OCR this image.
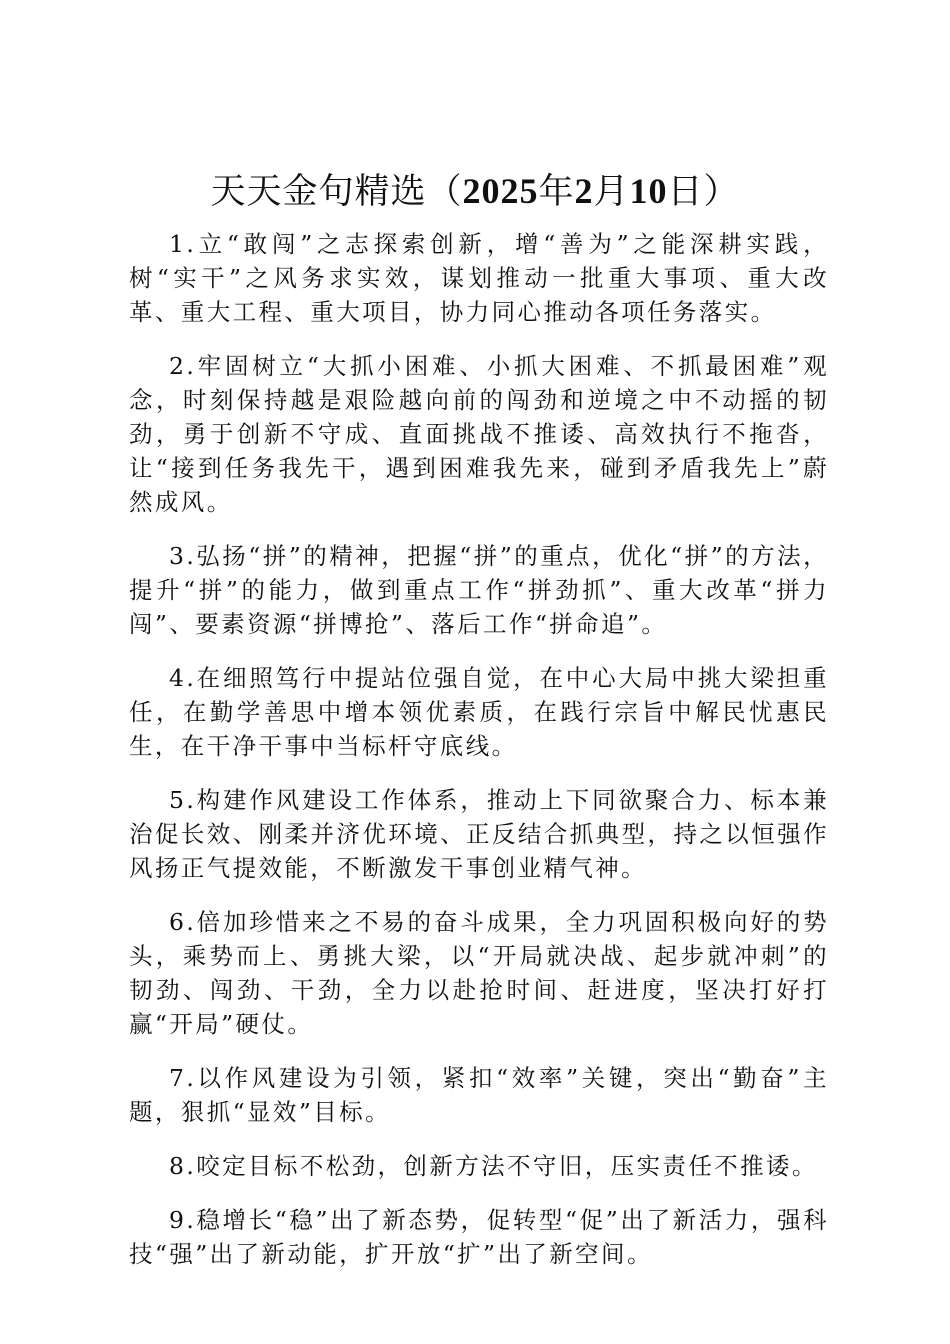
天天金句精选（2025年2月10日）

1.立“敢闯”之志探索创新，增“善为”之能深耕实践，树“实干”之风务求实效，谋划推动一批重大事项、重大改革、重大工程、重大项目，协力同心推动各项任务落实。

2.牢固树立“大抓小困难、小抓大困难、不抓最困难”观念，时刻保持越是艰险越向前的闯劲和逆境之中不动摇的韧劲，勇于创新不守成、直面挑战不推诿、高效执行不拖沓，让“接到任务我先干，遇到困难我先来，碰到矛盾我先上”蔚然成风。

3.弘扬“拼”的精神，把握“拼”的重点，优化“拼”的方法，提升“拼”的能力，做到重点工作“拼劲抓”、重大改革“拼力闯”、要素资源“拼博抢”、落后工作“拼命追”。

4.在细照笃行中提站位强自觉，在中心大局中挑大梁担重任，在勤学善思中增本领优素质，在践行宗旨中解民忧惠民生，在干净干事中当标杆守底线。

5.构建作风建设工作体系，推动上下同欲聚合力、标本兼治促长效、刚柔并济优环境、正反结合抓典型，持之以恒强作风扬正气提效能，不断激发干事创业精气神。

6.倍加珍惜来之不易的奋斗成果，全力巩固积极向好的势头，乘势而上、勇挑大梁，以“开局就决战、起步就冲刺”的韧劲、闯劲、干劲，全力以赴抢时间、赶进度，坚决打好打赢“开局”硬仗。

7.以作风建设为引领，紧扣“效率”关键，突出“勤奋”主题，狠抓“显效”目标。

8.咬定目标不松劲，创新方法不守旧，压实责任不推诿。

9.稳增长“稳”出了新态势，促转型“促”出了新活力，强科技“强”出了新动能，扩开放“扩”出了新空间。
